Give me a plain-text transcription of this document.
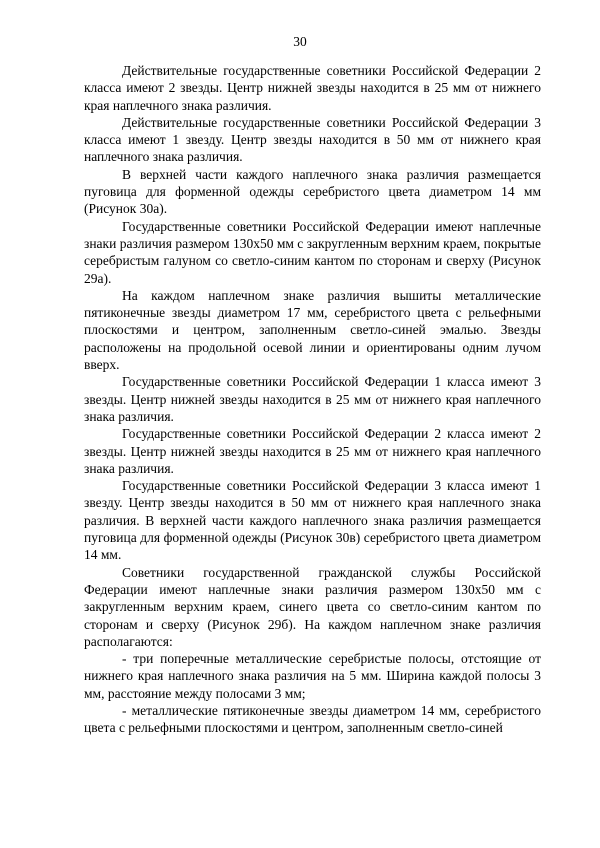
30

Действительные государственные советники Российской Федерации 2 класса имеют 2 звезды. Центр нижней звезды находится в 25 мм от нижнего края наплечного знака различия.

Действительные государственные советники Российской Федерации 3 класса имеют 1 звезду. Центр звезды находится в 50 мм от нижнего края наплечного знака различия.

В верхней части каждого наплечного знака различия размещается пуговица для форменной одежды серебристого цвета диаметром 14 мм (Рисунок 30а).

Государственные советники Российской Федерации имеют наплечные знаки различия размером 130x50 мм с закругленным верхним краем, покрытые серебристым галуном со светло-синим кантом по сторонам и сверху (Рисунок 29а).

На каждом наплечном знаке различия вышиты металлические пятиконечные звезды диаметром 17 мм, серебристого цвета с рельефными плоскостями и центром, заполненным светло-синей эмалью. Звезды расположены на продольной осевой линии и ориентированы одним лучом вверх.

Государственные советники Российской Федерации 1 класса имеют 3 звезды. Центр нижней звезды находится в 25 мм от нижнего края наплечного знака различия.

Государственные советники Российской Федерации 2 класса имеют 2 звезды. Центр нижней звезды находится в 25 мм от нижнего края наплечного знака различия.

Государственные советники Российской Федерации 3 класса имеют 1 звезду. Центр звезды находится в 50 мм от нижнего края наплечного знака различия. В верхней части каждого наплечного знака различия размещается пуговица для форменной одежды (Рисунок 30в) серебристого цвета диаметром 14 мм.

Советники государственной гражданской службы Российской Федерации имеют наплечные знаки различия размером 130x50 мм с закругленным верхним краем, синего цвета со светло-синим кантом по сторонам и сверху (Рисунок 29б). На каждом наплечном знаке различия располагаются:

- три поперечные металлические серебристые полосы, отстоящие от нижнего края наплечного знака различия на 5 мм. Ширина каждой полосы 3 мм, расстояние между полосами 3 мм;

- металлические пятиконечные звезды диаметром 14 мм, серебристого цвета с рельефными плоскостями и центром, заполненным светло-синей
